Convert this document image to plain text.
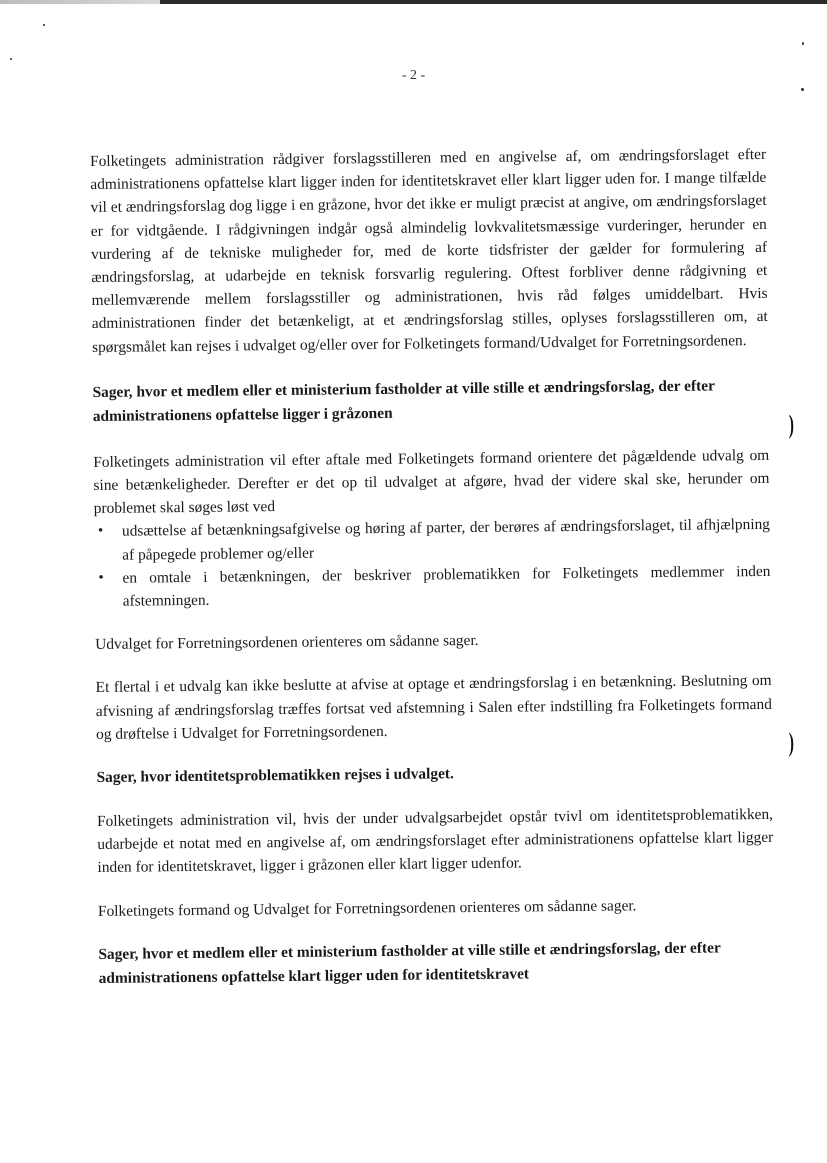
- 2 -
)
)

Folketingets administration rådgiver forslagsstilleren med en angivelse af, om ændringsforslaget efter administrationens opfattelse klart ligger inden for identitetskravet eller klart ligger uden for. I mange tilfælde vil et ændringsforslag dog ligge i en gråzone, hvor det ikke er muligt præcist at angive, om ændringsforslaget er for vidtgående. I rådgivningen indgår også almindelig lovkvalitetsmæssige vurderinger, herunder en vurdering af de tekniske muligheder for, med de korte tidsfrister der gælder for formulering af ændringsforslag, at udarbejde en teknisk forsvarlig regulering. Oftest forbliver denne rådgivning et mellemværende mellem forslagsstiller og administrationen, hvis råd følges umiddelbart. Hvis administrationen finder det betænkeligt, at et ændringsforslag stilles, oplyses forslagsstilleren om, at spørgsmålet kan rejses i udvalget og/eller over for Folketingets formand/Udvalget for Forretningsordenen.

Sager, hvor et medlem eller et ministerium fastholder at ville stille et ændringsforslag, der efter administrationens opfattelse ligger i gråzonen

Folketingets administration vil efter aftale med Folketingets formand orientere det pågældende udvalg om sine betænkeligheder. Derefter er det op til udvalget at afgøre, hvad der videre skal ske, herunder om problemet skal søges løst ved

• udsættelse af betænkningsafgivelse og høring af parter, der berøres af ændringsforslaget, til afhjælpning af påpegede problemer og/eller
• en omtale i betænkningen, der beskriver problematikken for Folketingets medlemmer inden afstemningen.

Udvalget for Forretningsordenen orienteres om sådanne sager.

Et flertal i et udvalg kan ikke beslutte at afvise at optage et ændringsforslag i en betænkning. Beslutning om afvisning af ændringsforslag træffes fortsat ved afstemning i Salen efter indstilling fra Folketingets formand og drøftelse i Udvalget for Forretningsordenen.

Sager, hvor identitetsproblematikken rejses i udvalget.

Folketingets administration vil, hvis der under udvalgsarbejdet opstår tvivl om identitetsproblematikken, udarbejde et notat med en angivelse af, om ændringsforslaget efter administrationens opfattelse klart ligger inden for identitetskravet, ligger i gråzonen eller klart ligger udenfor.

Folketingets formand og Udvalget for Forretningsordenen orienteres om sådanne sager.

Sager, hvor et medlem eller et ministerium fastholder at ville stille et ændringsforslag, der efter administrationens opfattelse klart ligger uden for identitetskravet
